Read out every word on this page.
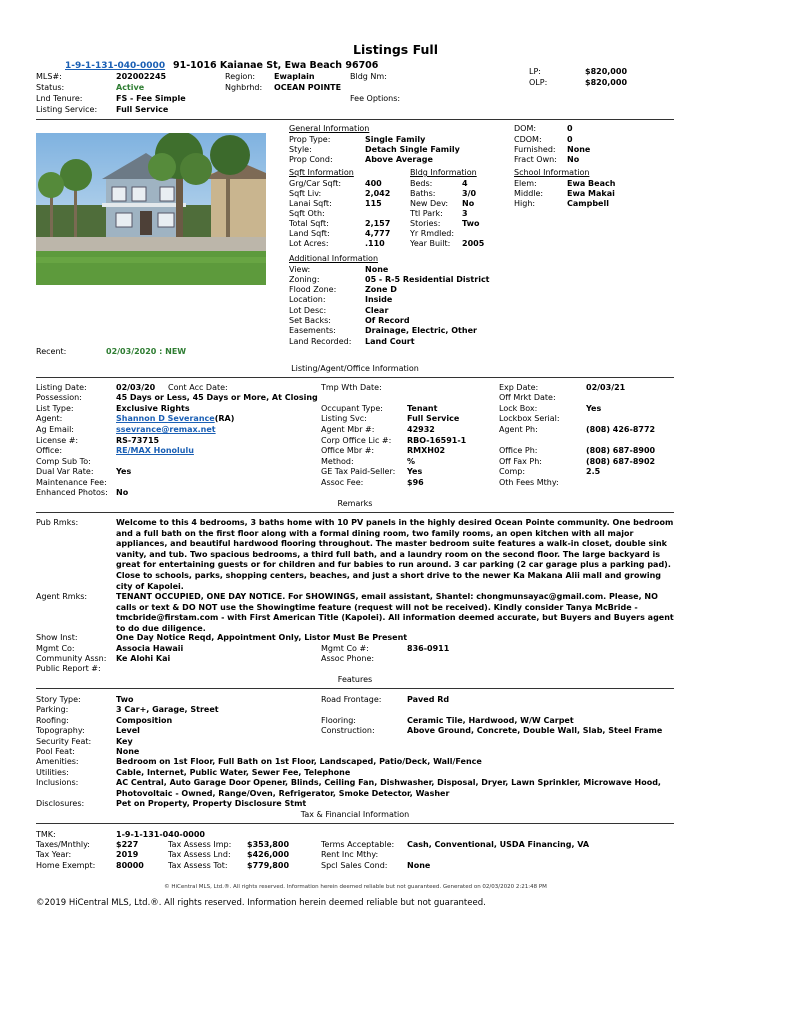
Listings Full
1-9-1-131-040-0000 91-1016 Kaianae St, Ewa Beach 96706
MLS#:	202002245
Status:	Active
Lnd Tenure:	FS - Fee Simple
Listing Service: Full Service
Region: Ewaplain	Bldg Nm:
Nghbrhd: OCEAN POINTE
Fee Options:
LP:	$820,000
OLP:	$820,000
General Information
Prop Type:	Single Family
Style:	Detach Single Family
Prop Cond:	Above Average
DOM:	0
CDOM:	0
Furnished: None
Fract Own: No
Sqft Information
Grg/Car Sqft:	400
Sqft Liv:	2,042
Lanai Sqft:	115
Sqft Oth:
Total Sqft:	2,157
Land Sqft:	4,777
Lot Acres:	.110
Bldg Information
Beds:	4
Baths:	3/0
New Dev: No
Ttl Park: 3
Stories:	Two
Yr Rmdled:
Year Built: 2005
School Information
Elem:	Ewa Beach
Middle:	Ewa Makai
High:	Campbell
Additional Information
View:	None
Zoning:	05 - R-5 Residential District
Flood Zone:	Zone D
Location:	Inside
Lot Desc:	Clear
Set Backs:	Of Record
Easements:	Drainage, Electric, Other
Land Recorded: Land Court
Recent:	02/03/2020 : NEW
Listing/Agent/Office Information
Listing Date:	02/03/20 Cont Acc Date:
Possession:	45 Days or Less, 45 Days or More, At Closing
List Type:	Exclusive Rights
Agent:	Shannon D Severance(RA)
Ag Email:	ssevrance@remax.net
License #:	RS-73715
Office:	RE/MAX Honolulu
Comp Sub To:
Dual Var Rate:	Yes
Maintenance Fee:
Enhanced Photos: No
Tmp Wth Date:
Occupant Type:	Tenant
Listing Svc:	Full Service
Agent Mbr #:	42932
Corp Office Lic #: RBO-16591-1
Office Mbr #:	RMXH02
Method:	%
GE Tax Paid-Seller: Yes
Assoc Fee:	$96
Exp Date:	02/03/21
Off Mrkt Date:
Lock Box:	Yes
Lockbox Serial:
Agent Ph:	(808) 426-8772
Office Ph:	(808) 687-8900
Off Fax Ph:	(808) 687-8902
Comp:	2.5
Oth Fees Mthy:
Remarks
Pub Rmks:	Welcome to this 4 bedrooms, 3 baths home with 10 PV panels in the highly desired Ocean Pointe community. One bedroom and a full bath on the first floor along with a formal dining room, two family rooms, an open kitchen with all major appliances, and beautiful hardwood flooring throughout. The master bedroom suite features a walk-in closet, double sink vanity, and tub. Two spacious bedrooms, a third full bath, and a laundry room on the second floor. The large backyard is great for entertaining guests or for children and fur babies to run around. 3 car parking (2 car garage plus a parking pad). Close to schools, parks, shopping centers, beaches, and just a short drive to the newer Ka Makana Alii mall and growing city of Kapolei.
Agent Rmks:	TENANT OCCUPIED, ONE DAY NOTICE. For SHOWINGS, email assistant, Shantel: chongmunsayac@gmail.com. Please, NO calls or text & DO NOT use the Showingtime feature (request will not be received). Kindly consider Tanya McBride - tmcbride@firstam.com - with First American Title (Kapolei). All information deemed accurate, but Buyers and Buyers agent to do due diligence.
Show Inst:	One Day Notice Reqd, Appointment Only, Listor Must Be Present
Mgmt Co:	Associa Hawaii	Mgmt Co #:	836-0911
Community Assn: Ke Alohi Kai	Assoc Phone:
Public Report #:
Features
Story Type:	Two	Road Frontage:	Paved Rd
Parking:	3 Car+, Garage, Street
Roofing:	Composition	Flooring:	Ceramic Tile, Hardwood, W/W Carpet
Topography:	Level	Construction:	Above Ground, Concrete, Double Wall, Slab, Steel Frame
Security Feat:	Key
Pool Feat:	None
Amenities:	Bedroom on 1st Floor, Full Bath on 1st Floor, Landscaped, Patio/Deck, Wall/Fence
Utilities:	Cable, Internet, Public Water, Sewer Fee, Telephone
Inclusions:	AC Central, Auto Garage Door Opener, Blinds, Ceiling Fan, Dishwasher, Disposal, Dryer, Lawn Sprinkler, Microwave Hood, Photovoltaic - Owned, Range/Oven, Refrigerator, Smoke Detector, Washer
Disclosures:	Pet on Property, Property Disclosure Stmt
Tax & Financial Information
TMK:	1-9-1-131-040-0000
Taxes/Mnthly:	$227
Tax Year:	2019
Home Exempt:	80000
Tax Assess Imp: $353,800
Tax Assess Lnd: $426,000
Tax Assess Tot: $779,800
Terms Acceptable: Cash, Conventional, USDA Financing, VA
Rent Inc Mthy:
Spcl Sales Cond: None
© HiCentral MLS, Ltd.®. All rights reserved. Information herein deemed reliable but not guaranteed. Generated on 02/03/2020 2:21:48 PM
©2019 HiCentral MLS, Ltd.®. All rights reserved. Information herein deemed reliable but not guaranteed.
